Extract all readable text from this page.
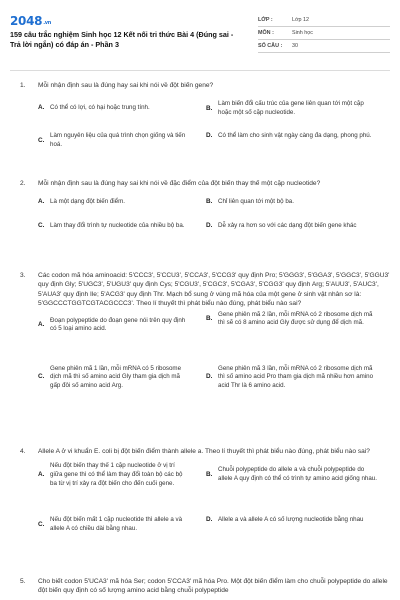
2048.vn
159 câu trắc nghiệm Sinh học 12 Kết nối tri thức Bài 4 (Đúng sai - Trả lời ngắn) có đáp án - Phần 3
LỚP :	Lớp 12
MÔN :	Sinh học
SỐ CÂU :	30
1.	Mỗi nhận định sau là đúng hay sai khi nói về đột biến gene?
A. Có thể có lợi, có hại hoặc trung tính.	B.
Làm biến đổi cấu trúc của gene liên quan tới một cặp hoặc một số cặp nucleotide.
C.
Làm nguyên liệu của quá trình chọn giống và tiến hoá.
D. Có thể làm cho sinh vật ngày càng đa dạng, phong phú.
2.	Mỗi nhận định sau là đúng hay sai khi nói về đặc điểm của đột biến thay thế một cặp nucleotide?
A. Là một dạng đột biến điểm.	B. Chỉ liên quan tới một bộ ba.
C. Làm thay đổi trình tự nucleotide của nhiều bộ ba.	D. Dễ xảy ra hơn so với các dạng đột biến gene khác
3.	Các codon mã hóa aminoacid: 5'CCC3', 5'CCU3', 5'CCA3', 5'CCG3' quy định Pro; 5'GGG3', 5'GGA3', 5'GGC3', 5'GGU3' quy định Gly; 5'UGC3', 5'UGU3' quy định Cys; 5'CGU3', 5'CGC3', 5'CGA3', 5'CGG3' quy định Arg; 5'AUU3', 5'AUC3', 5'AUA3' quy định Ile; 5'ACG3' quy định Thr. Mạch bổ sung ở vùng mã hóa của một gene ở sinh vật nhân sơ là: 5'GGCCCTGGTCGTACGCCC3'. Theo lí thuyết thì phát biểu nào đúng, phát biểu nào sai?
A.
Đoạn polypeptide do đoạn gene nói trên quy định có 5 loại amino acid.
B.
Gene phiên mã 2 lần, mỗi mRNA có 2 ribosome dịch mã thì sẽ có 8 amino acid Gly được sử dụng để dịch mã.
C.
Gene phiên mã 1 lần, mỗi mRNA có 5 ribosome dịch mã thì số amino acid Gly tham gia dịch mã gấp đôi số amino acid Arg.
D.
Gene phiên mã 3 lần, mỗi mRNA có 2 ribosome dịch mã thì số amino acid Pro tham gia dịch mã nhiều hơn amino acid Thr là 6 amino acid.
4.	Allele A ở vi khuẩn E. coli bị đột biến điểm thành allele a. Theo lí thuyết thì phát biểu nào đúng, phát biểu nào sai?
A.
Nếu đột biến thay thế 1 cặp nucleotide ở vị trí giữa gene thì có thể làm thay đổi toàn bộ các bộ ba từ vị trí xảy ra đột biến cho đến cuối gene.
B.
Chuỗi polypeptide do allele a và chuỗi polypeptide do allele A quy định có thể có trình tự amino acid giống nhau.
C.
Nếu đột biến mất 1 cặp nucleotide thì allele a và allele A có chiều dài bằng nhau.
D. Allele a và allele A có số lượng nucleotide bằng nhau
5.	Cho biết codon 5'UCA3' mã hóa Ser; codon 5'CCA3' mã hóa Pro. Một đột biến điểm làm cho chuỗi polypeptide do allele đột biến quy định có số lượng amino acid bằng chuỗi polypeptide
